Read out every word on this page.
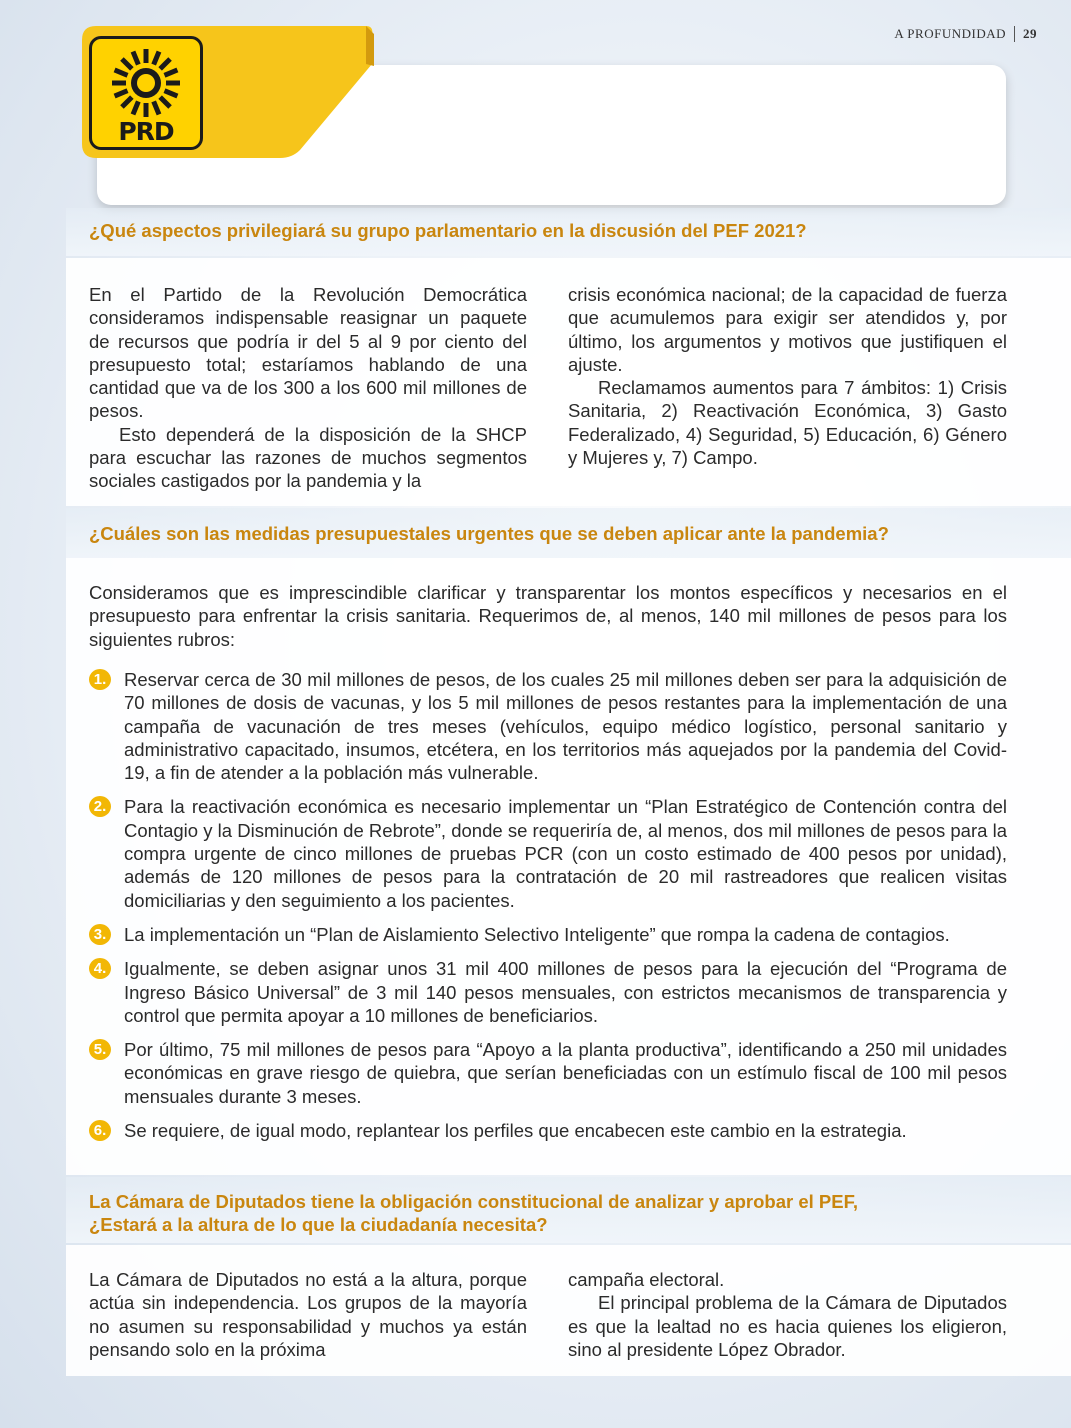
A PROFUNDIDAD 29
PRD
¿Qué aspectos privilegiará su grupo parlamentario en la discusión del PEF 2021?

En el Partido de la Revolución Democrática consideramos indispensable reasignar un paquete de recursos que podría ir del 5 al 9 por ciento del presupuesto total; estaríamos hablando de una cantidad que va de los 300 a los 600 mil millones de pesos.

Esto dependerá de la disposición de la SHCP para escuchar las razones de muchos segmentos sociales castigados por la pandemia y la

crisis económica nacional; de la capacidad de fuerza que acumulemos para exigir ser atendidos y, por último, los argumentos y motivos que justifiquen el ajuste.

Reclamamos aumentos para 7 ámbitos: 1) Crisis Sanitaria, 2) Reactivación Económica, 3) Gasto Federalizado, 4) Seguridad, 5) Educación, 6) Género y Mujeres y, 7) Campo.

¿Cuáles son las medidas presupuestales urgentes que se deben aplicar ante la pandemia?

Consideramos que es imprescindible clarificar y transparentar los montos específicos y necesarios en el presupuesto para enfrentar la crisis sanitaria. Requerimos de, al menos, 140 mil millones de pesos para los siguientes rubros:

1. Reservar cerca de 30 mil millones de pesos, de los cuales 25 mil millones deben ser para la adquisición de 70 millones de dosis de vacunas, y los 5 mil millones de pesos restantes para la implementación de una campaña de vacunación de tres meses (vehículos, equipo médico logístico, personal sanitario y administrativo capacitado, insumos, etcétera, en los territorios más aquejados por la pandemia del Covid-19, a fin de atender a la población más vulnerable.
2. Para la reactivación económica es necesario implementar un “Plan Estratégico de Contención contra del Contagio y la Disminución de Rebrote”, donde se requeriría de, al menos, dos mil millones de pesos para la compra urgente de cinco millones de pruebas PCR (con un costo estimado de 400 pesos por unidad), además de 120 millones de pesos para la contratación de 20 mil rastreadores que realicen visitas domiciliarias y den seguimiento a los pacientes.
3. La implementación un “Plan de Aislamiento Selectivo Inteligente” que rompa la cadena de contagios.
4. Igualmente, se deben asignar unos 31 mil 400 millones de pesos para la ejecución del “Programa de Ingreso Básico Universal” de 3 mil 140 pesos mensuales, con estrictos mecanismos de transparencia y control que permita apoyar a 10 millones de beneficiarios.
5. Por último, 75 mil millones de pesos para “Apoyo a la planta productiva”, identificando a 250 mil unidades económicas en grave riesgo de quiebra, que serían beneficiadas con un estímulo fiscal de 100 mil pesos mensuales durante 3 meses.
6. Se requiere, de igual modo, replantear los perfiles que encabecen este cambio en la estrategia.
La Cámara de Diputados tiene la obligación constitucional de analizar y aprobar el PEF,
¿Estará a la altura de lo que la ciudadanía necesita?

La Cámara de Diputados no está a la altura, porque actúa sin independencia. Los grupos de la mayoría no asumen su responsabilidad y muchos ya están pensando solo en la próxima

campaña electoral.

El principal problema de la Cámara de Diputados es que la lealtad no es hacia quienes los eligieron, sino al presidente López Obrador.
